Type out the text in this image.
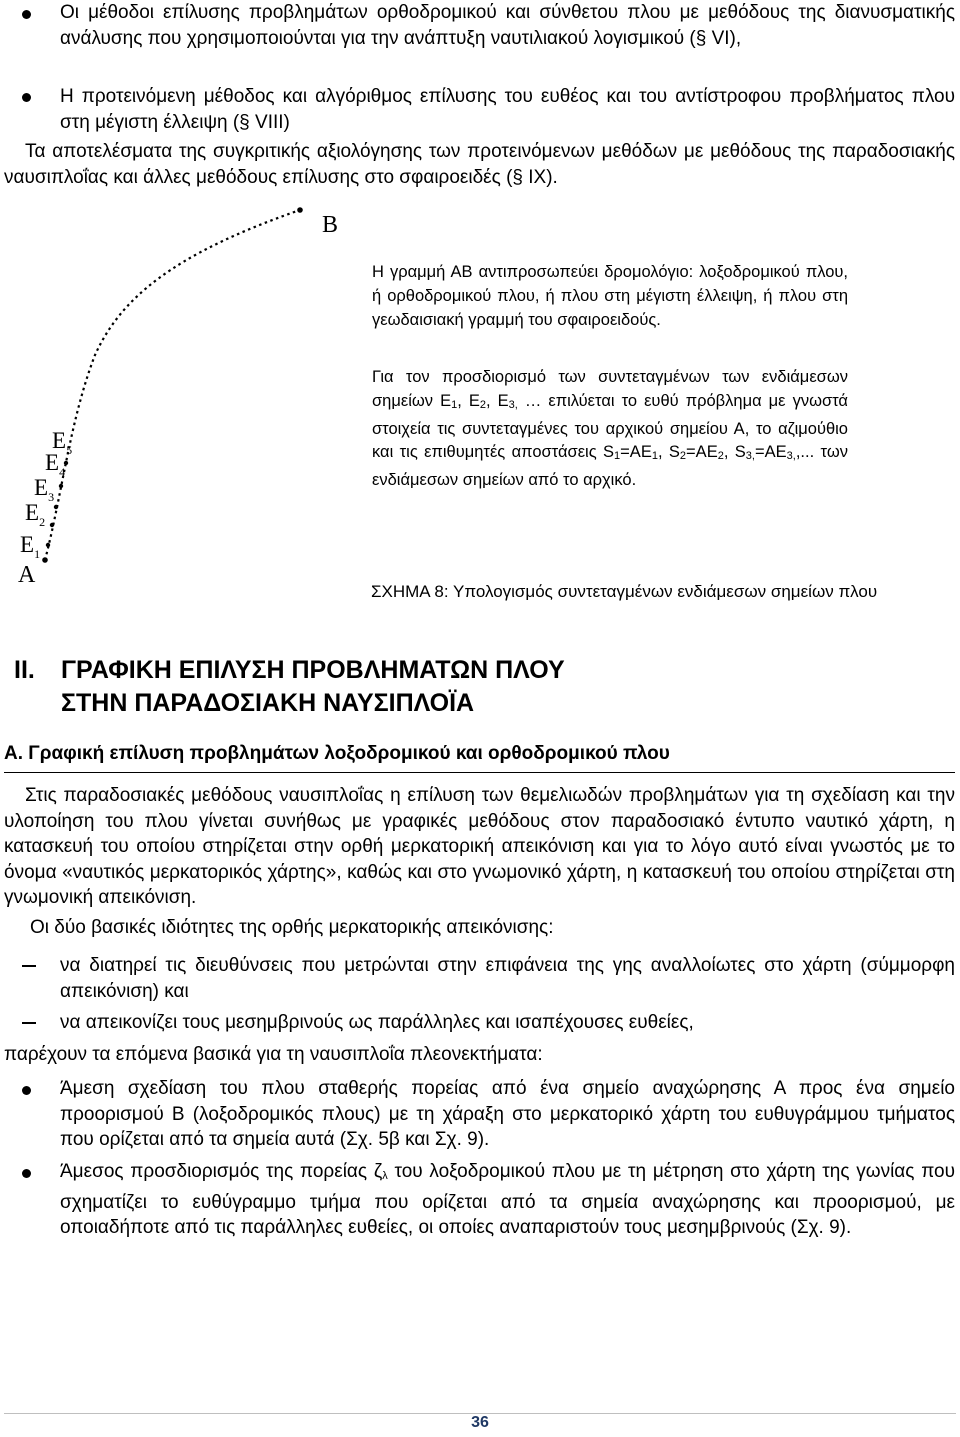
Οι μέθοδοι επίλυσης προβλημάτων ορθοδρομικού και σύνθετου πλου με μεθόδους της διανυσματικής ανάλυσης που χρησιμοποιούνται για την ανάπτυξη ναυτιλιακού λογισμικού (§ VI),
Η προτεινόμενη μέθοδος και αλγόριθμος επίλυσης του ευθέος και του αντίστροφου προβλήματος πλου στη μέγιστη έλλειψη (§ VIII)
Τα αποτελέσματα της συγκριτικής αξιολόγησης των προτεινόμενων μεθόδων με μεθόδους της παραδοσιακής ναυσιπλοΐας και άλλες μεθόδους επίλυσης στο σφαιροειδές (§ IX).
B
A
$E_1$
$E_2$
$E_3$
$E_4$
$E_5$
Η γραμμή ΑΒ αντιπροσωπεύει δρομολόγιο: λοξοδρομικού πλου, ή ορθοδρομικού πλου, ή πλου στη μέγιστη έλλειψη, ή πλου στη γεωδαισιακή γραμμή του σφαιροειδούς.
Για τον προσδιορισμό των συντεταγμένων των ενδιάμεσων σημείων $E_1$, $E_2$, $E_{3,}$ … επιλύεται το ευθύ πρόβλημα με γνωστά στοιχεία τις συντεταγμένες του αρχικού σημείου Α, το αζιμούθιο και τις επιθυμητές αποστάσεις $S_1=AE_1$, $S_2=AE_2$, $S_{3,}=AE_{3,}$,... των ενδιάμεσων σημείων από το αρχικό.
ΣΧΗΜΑ 8: Υπολογισμός συντεταγμένων ενδιάμεσων σημείων πλου
II. ΓΡΑΦΙΚΗ ΕΠΙΛΥΣΗ ΠΡΟΒΛΗΜΑΤΩΝ ΠΛΟΥ
ΣΤΗΝ ΠΑΡΑΔΟΣΙΑΚΗ ΝΑΥΣΙΠΛΟΪΑ
Α. Γραφική επίλυση προβλημάτων λοξοδρομικού και ορθοδρομικού πλου
Στις παραδοσιακές μεθόδους ναυσιπλοΐας η επίλυση των θεμελιωδών προβλημάτων για τη σχεδίαση και την υλοποίηση του πλου γίνεται συνήθως με γραφικές μεθόδους στον παραδοσιακό έντυπο ναυτικό χάρτη, η κατασκευή του οποίου στηρίζεται στην ορθή μερκατορική απεικόνιση και για το λόγο αυτό είναι γνωστός με το όνομα «ναυτικός μερκατορικός χάρτης», καθώς και στο γνωμονικό χάρτη, η κατασκευή του οποίου στηρίζεται στη γνωμονική απεικόνιση.
Οι δύο βασικές ιδιότητες της ορθής μερκατορικής απεικόνισης:
να διατηρεί τις διευθύνσεις που μετρώνται στην επιφάνεια της γης αναλλοίωτες στο χάρτη (σύμμορφη απεικόνιση) και
να απεικονίζει τους μεσημβρινούς ως παράλληλες και ισαπέχουσες ευθείες,
παρέχουν τα επόμενα βασικά για τη ναυσιπλοΐα πλεονεκτήματα:
Άμεση σχεδίαση του πλου σταθερής πορείας από ένα σημείο αναχώρησης Α προς ένα σημείο προορισμού Β (λοξοδρομικός πλους) με τη χάραξη στο μερκατορικό χάρτη του ευθυγράμμου τμήματος που ορίζεται από τα σημεία αυτά (Σχ. 5β και Σχ. 9).
Άμεσος προσδιορισμός της πορείας $\zeta_\lambda$ του λοξοδρομικού πλου με τη μέτρηση στο χάρτη της γωνίας που σχηματίζει το ευθύγραμμο τμήμα που ορίζεται από τα σημεία αναχώρησης και προορισμού, με οποιαδήποτε από τις παράλληλες ευθείες, οι οποίες αναπαριστούν τους μεσημβρινούς (Σχ. 9).
36
